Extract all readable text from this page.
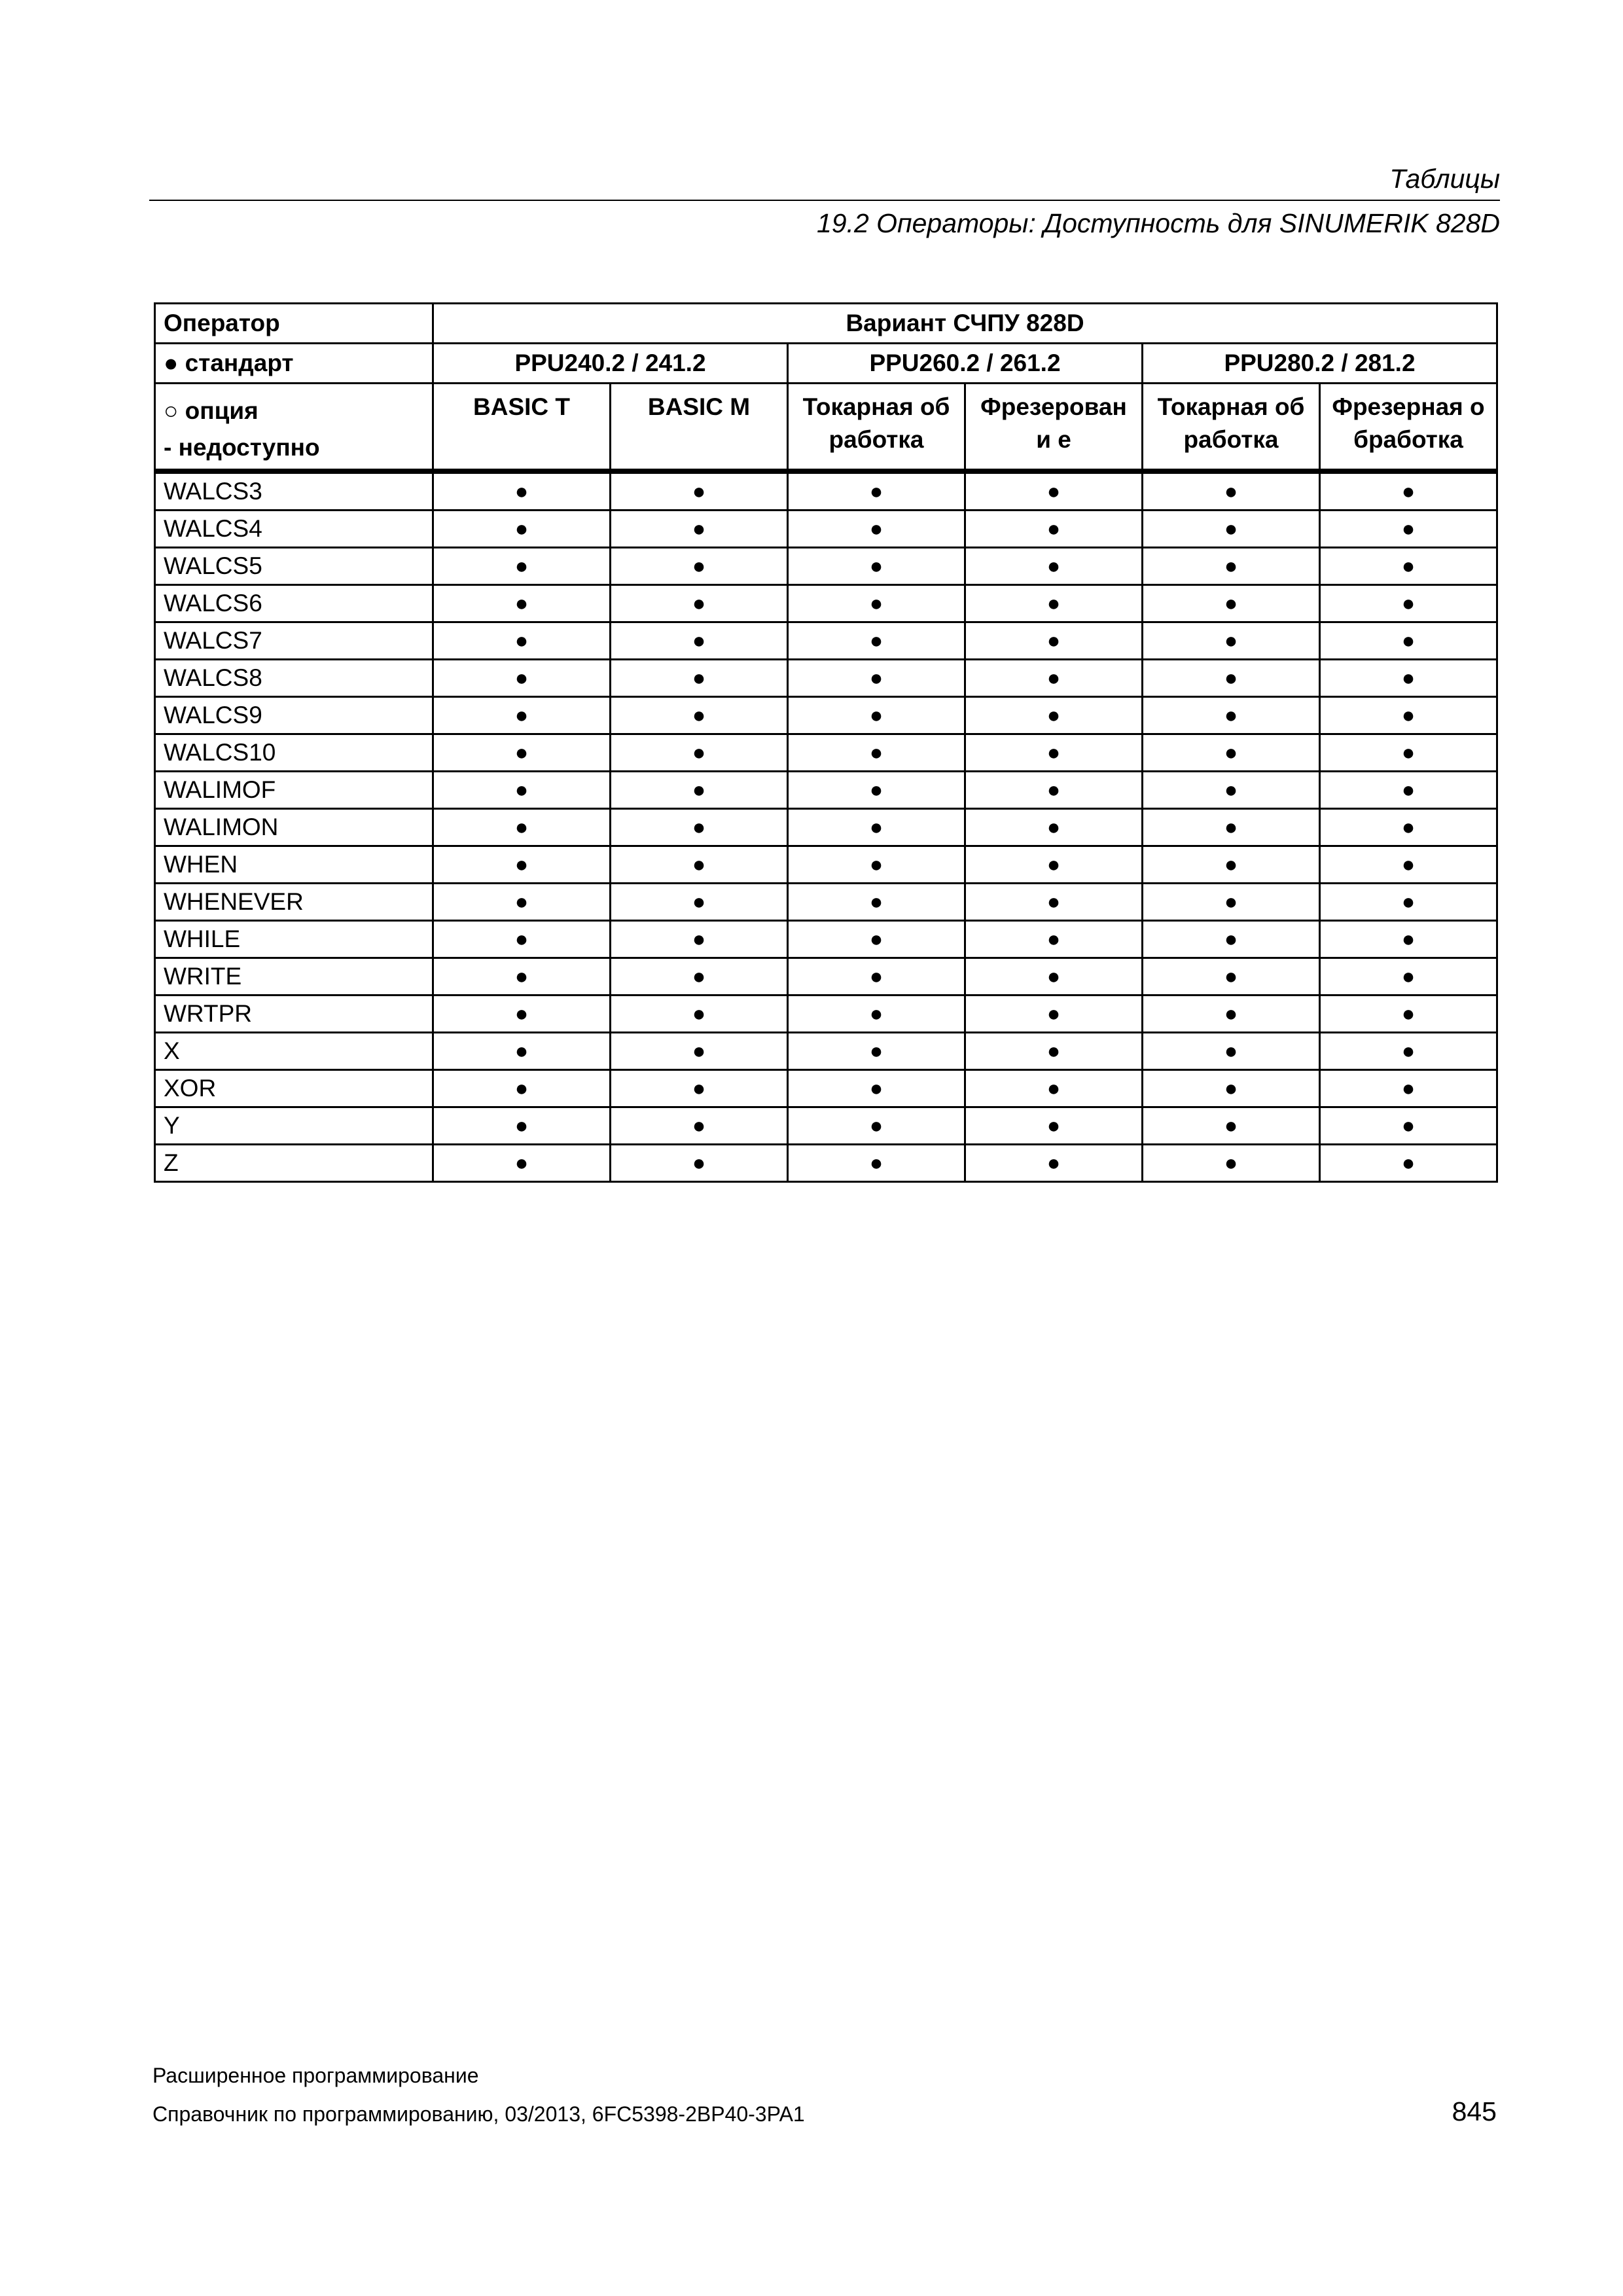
Таблицы
19.2 Операторы: Доступность для SINUMERIK 828D
Оператор	Вариант СЧПУ 828D					
● стандарт	PPU240.2 / 241.2		PPU260.2 / 261.2		PPU280.2 / 281.2	

○ опция
- недоступно	BASIC T	BASIC M	Токарная обработка	Фрезеровани е	Токарная обработка	Фрезерная обработка

WALCS3	●	●	●	●	●	●
WALCS4	●	●	●	●	●	●
WALCS5	●	●	●	●	●	●
WALCS6	●	●	●	●	●	●
WALCS7	●	●	●	●	●	●
WALCS8	●	●	●	●	●	●
WALCS9	●	●	●	●	●	●
WALCS10	●	●	●	●	●	●
WALIMOF	●	●	●	●	●	●
WALIMON	●	●	●	●	●	●
WHEN	●	●	●	●	●	●
WHENEVER	●	●	●	●	●	●
WHILE	●	●	●	●	●	●
WRITE	●	●	●	●	●	●
WRTPR	●	●	●	●	●	●
X	●	●	●	●	●	●
XOR	●	●	●	●	●	●
Y	●	●	●	●	●	●
Z	●	●	●	●	●	●
Расширенное программирование
Справочник по программированию, 03/2013, 6FC5398-2BP40-3PA1	845
